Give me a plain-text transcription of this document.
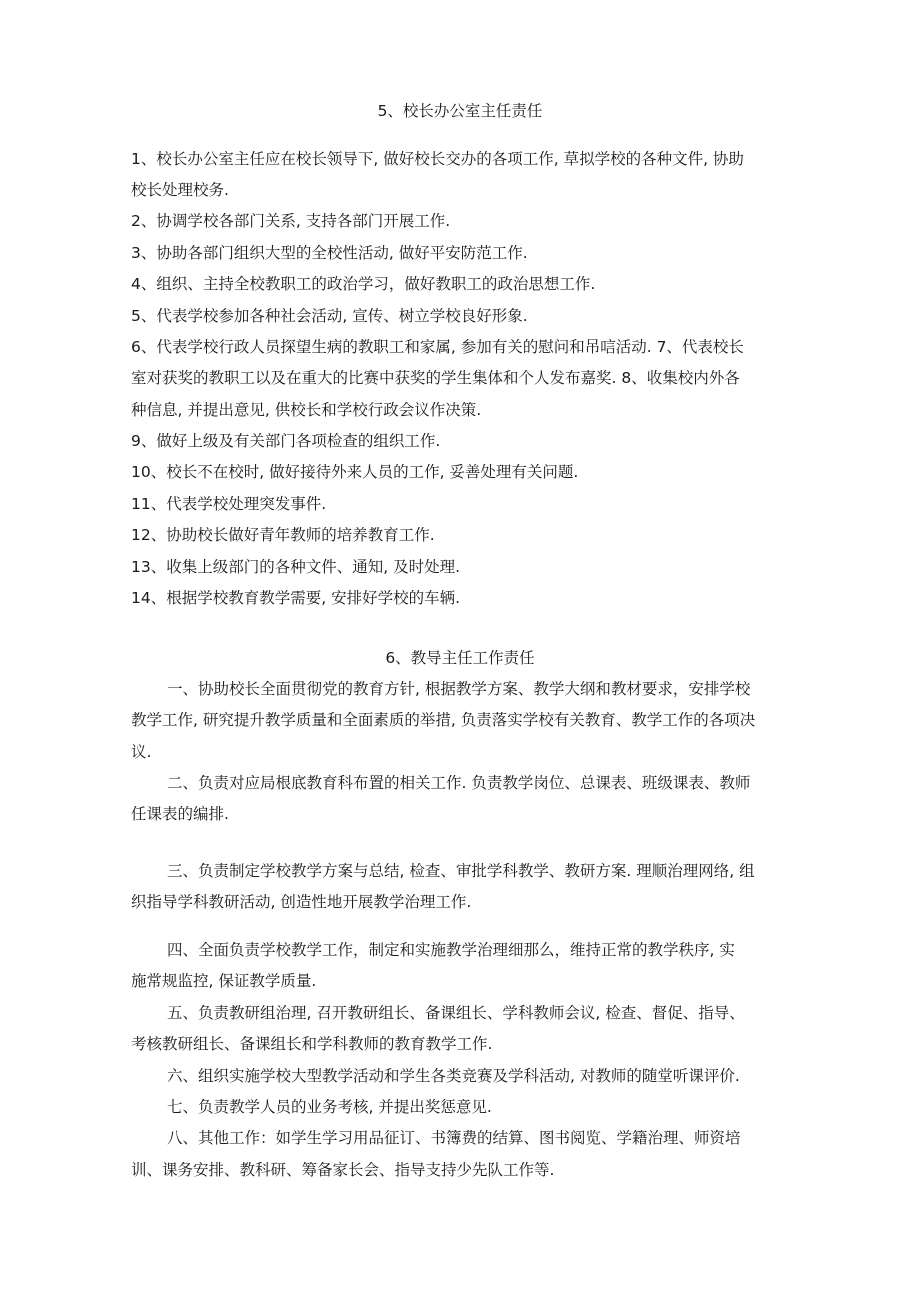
5、校长办公室主任责任
1、校长办公室主任应在校长领导下, 做好校长交办的各项工作, 草拟学校的各种文件, 协助
校长处理校务.
2、协调学校各部门关系, 支持各部门开展工作.
3、协助各部门组织大型的全校性活动, 做好平安防范工作.
4、组织、主持全校教职工的政治学习，做好教职工的政治思想工作.
5、代表学校参加各种社会活动, 宣传、树立学校良好形象.
6、代表学校行政人员探望生病的教职工和家属, 参加有关的慰问和吊唁活动. 7、代表校长
室对获奖的教职工以及在重大的比赛中获奖的学生集体和个人发布嘉奖. 8、收集校内外各
种信息, 并提出意见, 供校长和学校行政会议作决策.
9、做好上级及有关部门各项检查的组织工作.
10、校长不在校时, 做好接待外来人员的工作, 妥善处理有关问题.
11、代表学校处理突发事件.
12、协助校长做好青年教师的培养教育工作.
13、收集上级部门的各种文件、通知, 及时处理.
14、根据学校教育教学需要, 安排好学校的车辆.
6、教导主任工作责任
一、协助校长全面贯彻党的教育方针, 根据教学方案、教学大纲和教材要求，安排学校
教学工作, 研究提升教学质量和全面素质的举措, 负责落实学校有关教育、教学工作的各项决
议.
二、负责对应局根底教育科布置的相关工作. 负责教学岗位、总课表、班级课表、教师
任课表的编排.
三、负责制定学校教学方案与总结, 检查、审批学科教学、教研方案. 理顺治理网络, 组
织指导学科教研活动, 创造性地开展教学治理工作.
四、全面负责学校教学工作，制定和实施教学治理细那么，维持正常的教学秩序, 实
施常规监控, 保证教学质量.
五、负责教研组治理, 召开教研组长、备课组长、学科教师会议, 检查、督促、指导、
考核教研组长、备课组长和学科教师的教育教学工作.
六、组织实施学校大型教学活动和学生各类竞赛及学科活动, 对教师的随堂听课评价.
七、负责教学人员的业务考核, 并提出奖惩意见.
八、其他工作：如学生学习用品征订、书簿费的结算、图书阅览、学籍治理、师资培
训、课务安排、教科研、筹备家长会、指导支持少先队工作等.
